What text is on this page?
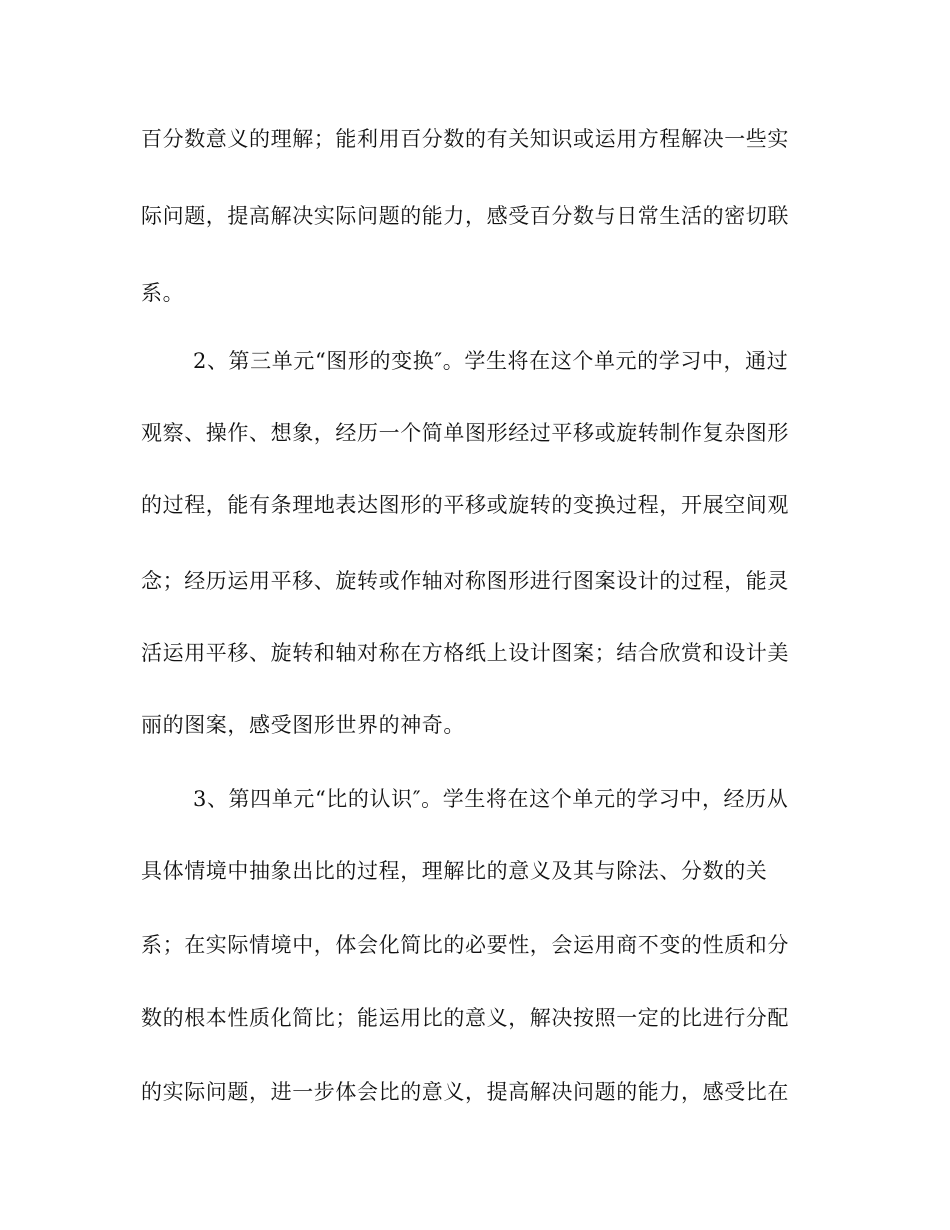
百分数意义的理解；能利用百分数的有关知识或运用方程解决一些实
际问题，提高解决实际问题的能力，感受百分数与日常生活的密切联
系。
2、第三单元“图形的变换″。学生将在这个单元的学习中，通过
观察、操作、想象，经历一个简单图形经过平移或旋转制作复杂图形
的过程，能有条理地表达图形的平移或旋转的变换过程，开展空间观
念；经历运用平移、旋转或作轴对称图形进行图案设计的过程，能灵
活运用平移、旋转和轴对称在方格纸上设计图案；结合欣赏和设计美
丽的图案，感受图形世界的神奇。
3、第四单元“比的认识″。学生将在这个单元的学习中，经历从
具体情境中抽象出比的过程，理解比的意义及其与除法、分数的关
系；在实际情境中，体会化简比的必要性，会运用商不变的性质和分
数的根本性质化简比；能运用比的意义，解决按照一定的比进行分配
的实际问题，进一步体会比的意义，提高解决问题的能力，感受比在
